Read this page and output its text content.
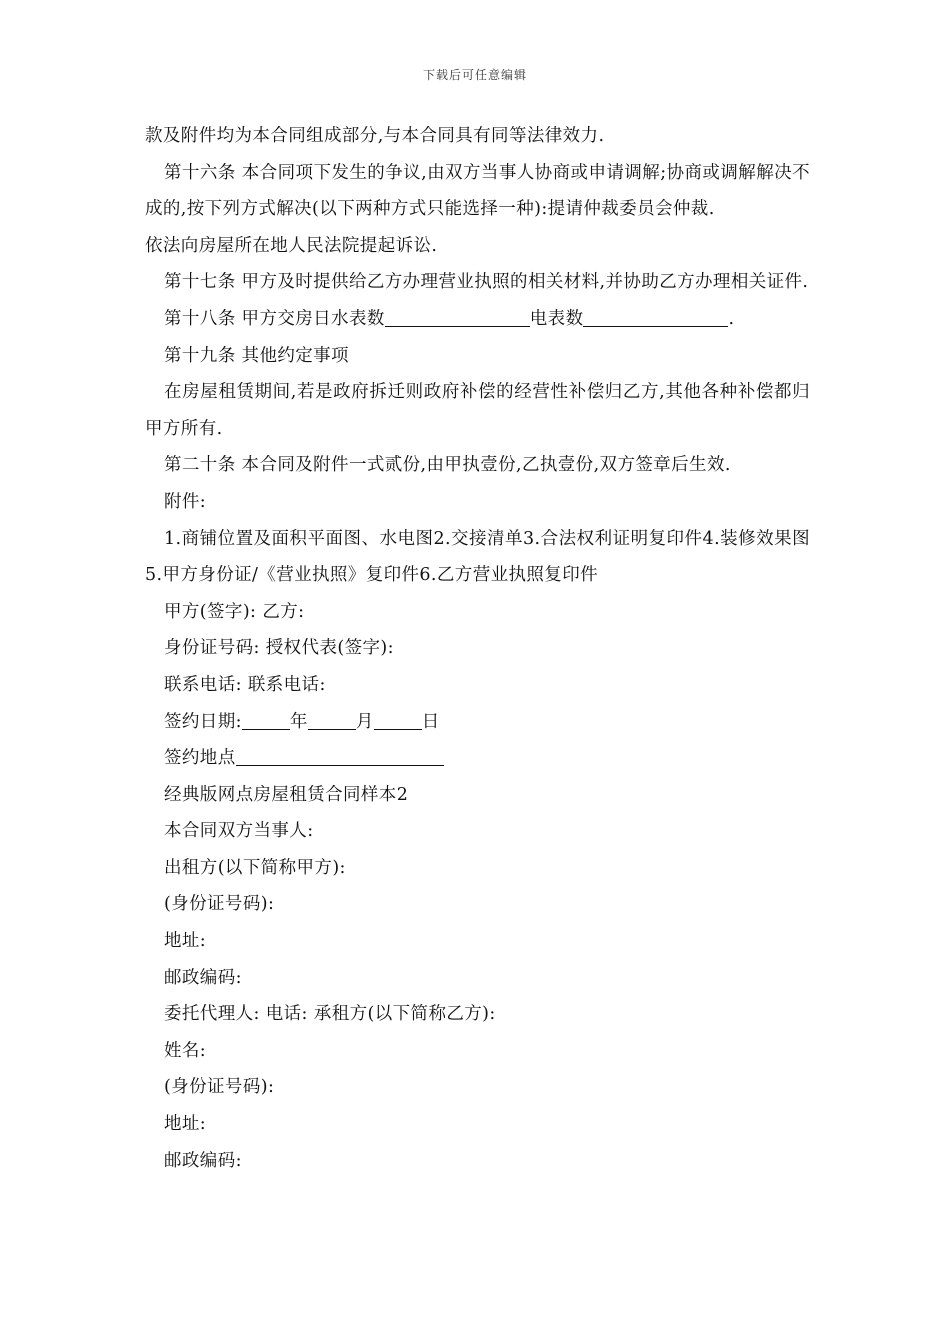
下载后可任意编辑

款及附件均为本合同组成部分,与本合同具有同等法律效力.

第十六条 本合同项下发生的争议,由双方当事人协商或申请调解;协商或调解解决不成的,按下列方式解决(以下两种方式只能选择一种):提请仲裁委员会仲裁.

依法向房屋所在地人民法院提起诉讼.

第十七条 甲方及时提供给乙方办理营业执照的相关材料,并协助乙方办理相关证件.

第十八条 甲方交房日水表数	电表数	.

第十九条 其他约定事项

在房屋租赁期间,若是政府拆迁则政府补偿的经营性补偿归乙方,其他各种补偿都归甲方所有.

第二十条 本合同及附件一式贰份,由甲执壹份,乙执壹份,双方签章后生效.

附件:

1.商铺位置及面积平面图、水电图2.交接清单3.合法权利证明复印件4.装修效果图5.甲方身份证/《营业执照》复印件6.乙方营业执照复印件

甲方(签字): 乙方:

身份证号码: 授权代表(签字):

联系电话: 联系电话:

签约日期:	年	月	日

签约地点

经典版网点房屋租赁合同样本2

本合同双方当事人:

出租方(以下简称甲方):

(身份证号码):

地址:

邮政编码:

委托代理人: 电话: 承租方(以下简称乙方):

姓名:

(身份证号码):

地址:

邮政编码:
